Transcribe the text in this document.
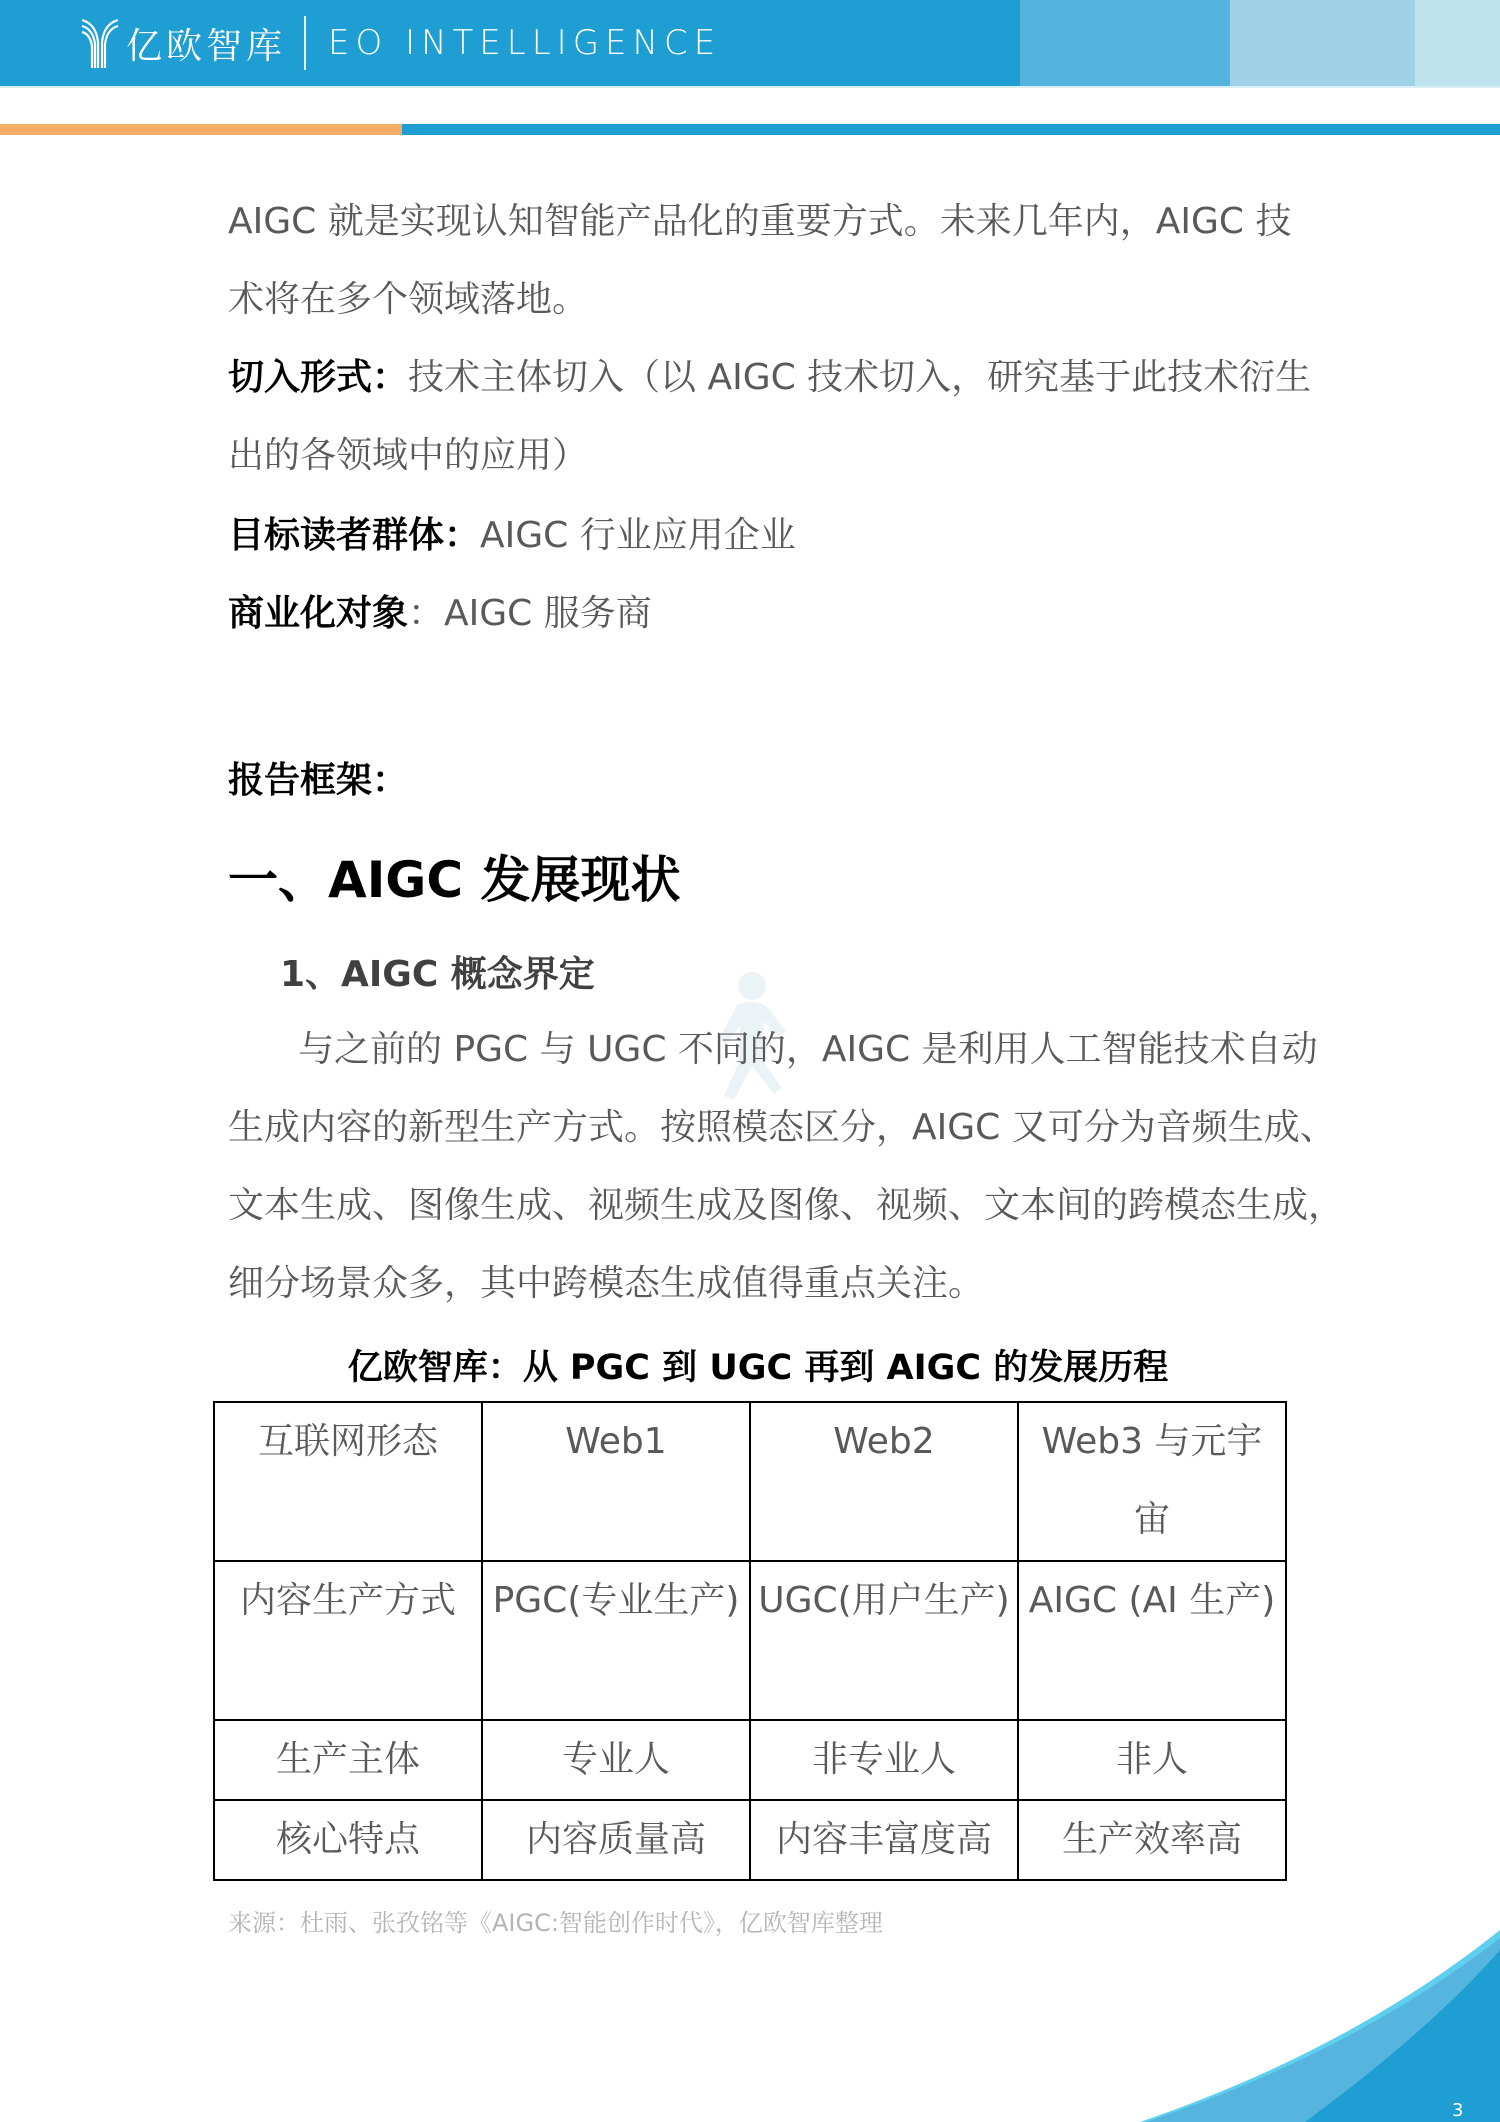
亿欧智库 EO INTELLIGENCE
AIGC 就是实现认知智能产品化的重要方式。未来几年内，AIGC 技
术将在多个领域落地。
切入形式：技术主体切入（以 AIGC 技术切入，研究基于此技术衍生
出的各领域中的应用）
目标读者群体：AIGC 行业应用企业
商业化对象：AIGC 服务商
报告框架：
一、AIGC 发展现状
1、AIGC 概念界定
与之前的 PGC 与 UGC 不同的，AIGC 是利用人工智能技术自动
生成内容的新型生产方式。按照模态区分，AIGC 又可分为音频生成、
文本生成、图像生成、视频生成及图像、视频、文本间的跨模态生成，
细分场景众多，其中跨模态生成值得重点关注。
亿欧智库：从 PGC 到 UGC 再到 AIGC 的发展历程
互联网形态	Web1	Web2	Web3 与元宇宙
内容生产方式	PGC(专业生产)	UGC(用户生产)	AIGC (AI 生产)
生产主体	专业人	非专业人	非人
核心特点	内容质量高	内容丰富度高	生产效率高
来源：杜雨、张孜铭等《AIGC:智能创作时代》，亿欧智库整理
3
